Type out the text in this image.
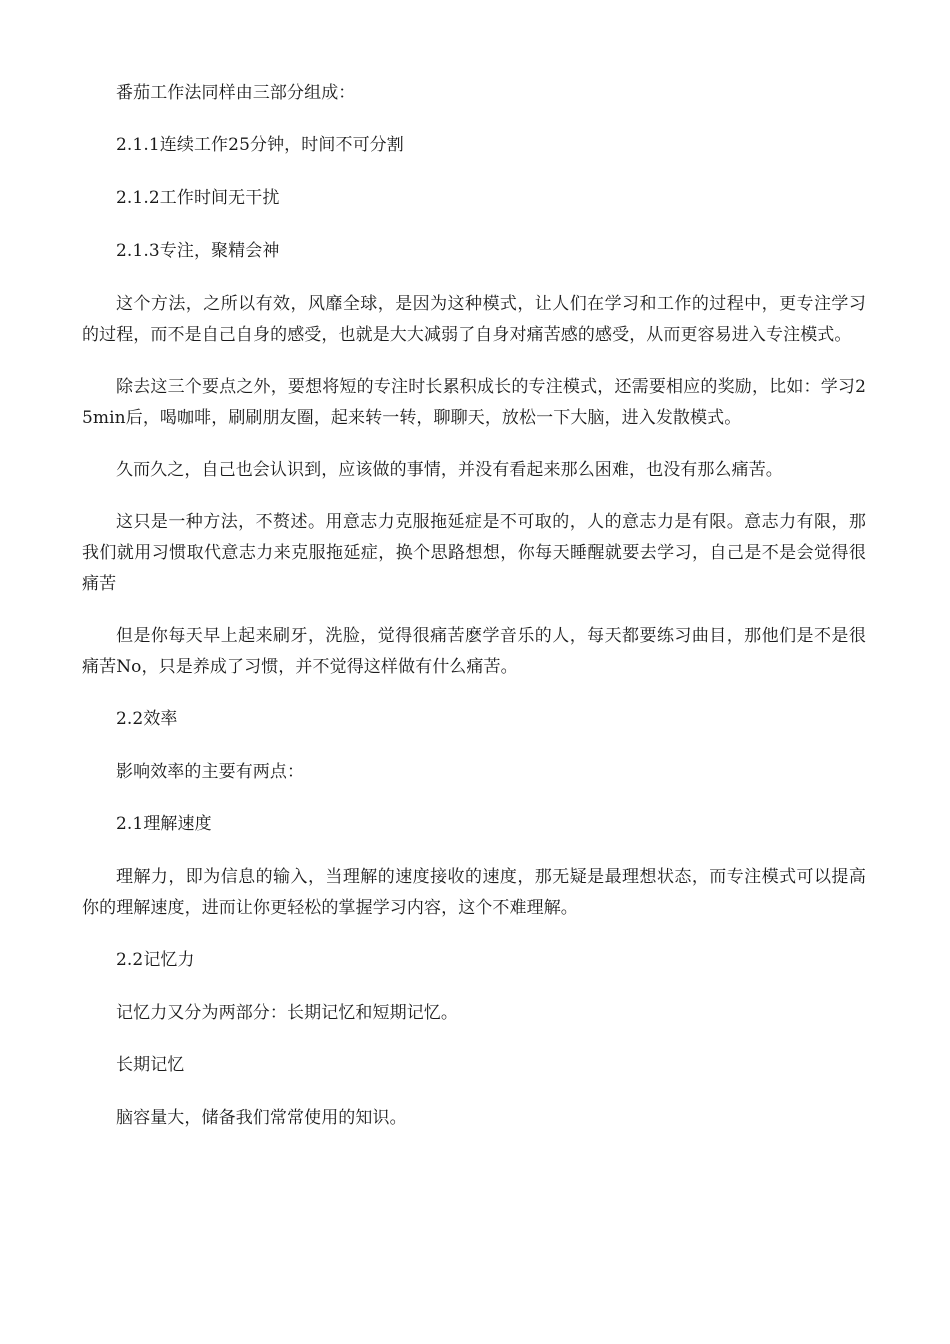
番茄工作法同样由三部分组成：

2.1.1连续工作25分钟，时间不可分割

2.1.2工作时间无干扰

2.1.3专注，聚精会神

这个方法，之所以有效，风靡全球，是因为这种模式，让人们在学习和工作的过程中，更专注学习的过程，而不是自己自身的感受，也就是大大减弱了自身对痛苦感的感受，从而更容易进入专注模式。

除去这三个要点之外，要想将短的专注时长累积成长的专注模式，还需要相应的奖励，比如：学习25min后，喝咖啡，刷刷朋友圈，起来转一转，聊聊天，放松一下大脑，进入发散模式。

久而久之，自己也会认识到，应该做的事情，并没有看起来那么困难，也没有那么痛苦。

这只是一种方法，不赘述。用意志力克服拖延症是不可取的，人的意志力是有限。意志力有限，那我们就用习惯取代意志力来克服拖延症，换个思路想想，你每天睡醒就要去学习，自己是不是会觉得很痛苦

但是你每天早上起来刷牙，洗脸，觉得很痛苦麽学音乐的人，每天都要练习曲目，那他们是不是很痛苦No，只是养成了习惯，并不觉得这样做有什么痛苦。

2.2效率

影响效率的主要有两点：

2.1理解速度

理解力，即为信息的输入，当理解的速度接收的速度，那无疑是最理想状态，而专注模式可以提高你的理解速度，进而让你更轻松的掌握学习内容，这个不难理解。

2.2记忆力

记忆力又分为两部分：长期记忆和短期记忆。

长期记忆

脑容量大，储备我们常常使用的知识。
